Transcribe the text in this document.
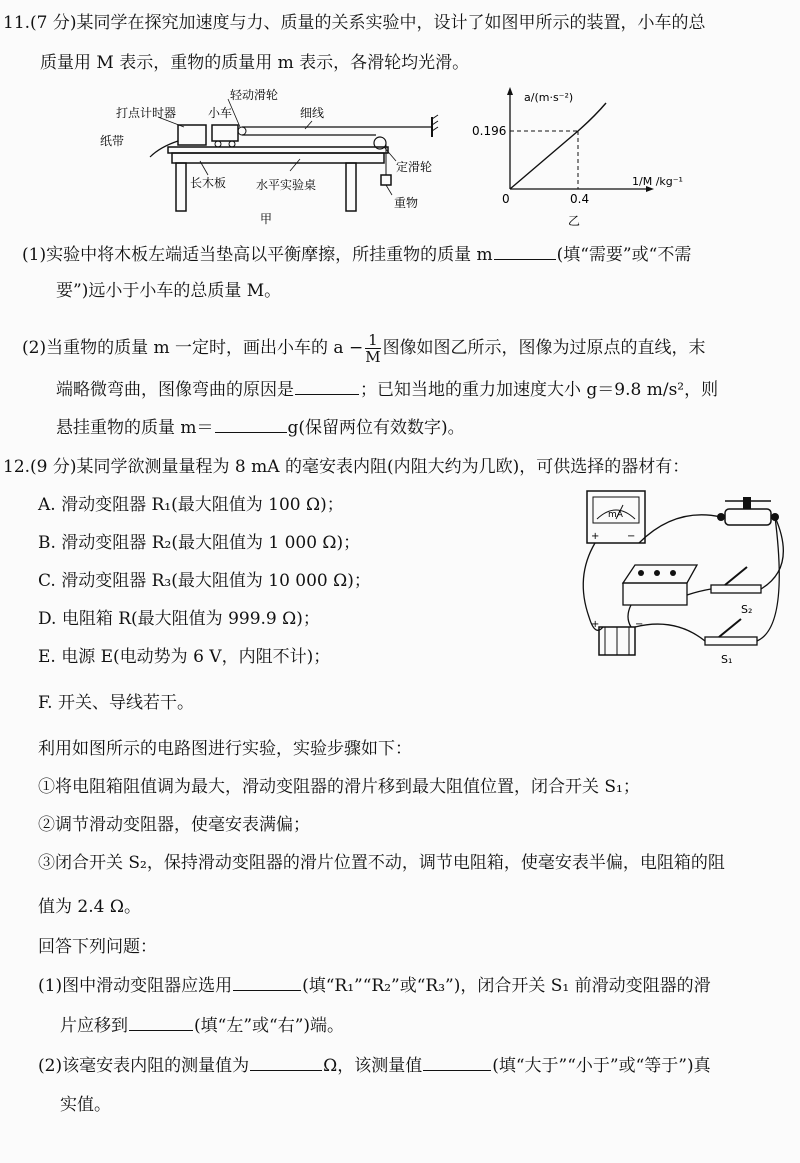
11.(7 分)某同学在探究加速度与力、质量的关系实验中，设计了如图甲所示的装置，小车的总
质量用 M 表示，重物的质量用 m 表示，各滑轮均光滑。
打点计时器
纸带
轻动滑轮
小车	细线
长木板 水平实验桌
定滑轮
重物
甲
a/(m·s⁻²)
0.196
0	0.4
1/M /kg⁻¹
乙
(1)实验中将木板左端适当垫高以平衡摩擦，所挂重物的质量 m	(填“需要”或“不需
要”)远小于小车的总质量 M。
(2)当重物的质量 m 一定时，画出小车的 $a - \frac{1}{M}$ 图像如图乙所示，图像为过原点的直线，末
端略微弯曲，图像弯曲的原因是	；已知当地的重力加速度大小 g＝9.8 m/s²，则
悬挂重物的质量 m＝	g(保留两位有效数字)。
12.(9 分)某同学欲测量量程为 8 mA 的毫安表内阻(内阻大约为几欧)，可供选择的器材有：
A. 滑动变阻器 R₁(最大阻值为 100 Ω)；
B. 滑动变阻器 R₂(最大阻值为 1 000 Ω)；
C. 滑动变阻器 R₃(最大阻值为 10 000 Ω)；
D. 电阻箱 R(最大阻值为 999.9 Ω)；
E. 电源 E(电动势为 6 V，内阻不计)；
F. 开关、导线若干。
mA
+	−
S₂
S₁
+	−
利用如图所示的电路图进行实验，实验步骤如下：
①将电阻箱阻值调为最大，滑动变阻器的滑片移到最大阻值位置，闭合开关 S₁；
②调节滑动变阻器，使毫安表满偏；
③闭合开关 S₂，保持滑动变阻器的滑片位置不动，调节电阻箱，使毫安表半偏，电阻箱的阻
值为 2.4 Ω。
回答下列问题：
(1)图中滑动变阻器应选用	(填“R₁”“R₂”或“R₃”)，闭合开关 S₁ 前滑动变阻器的滑
片应移到	(填“左”或“右”)端。
(2)该毫安表内阻的测量值为	Ω，该测量值	(填“大于”“小于”或“等于”)真
实值。
